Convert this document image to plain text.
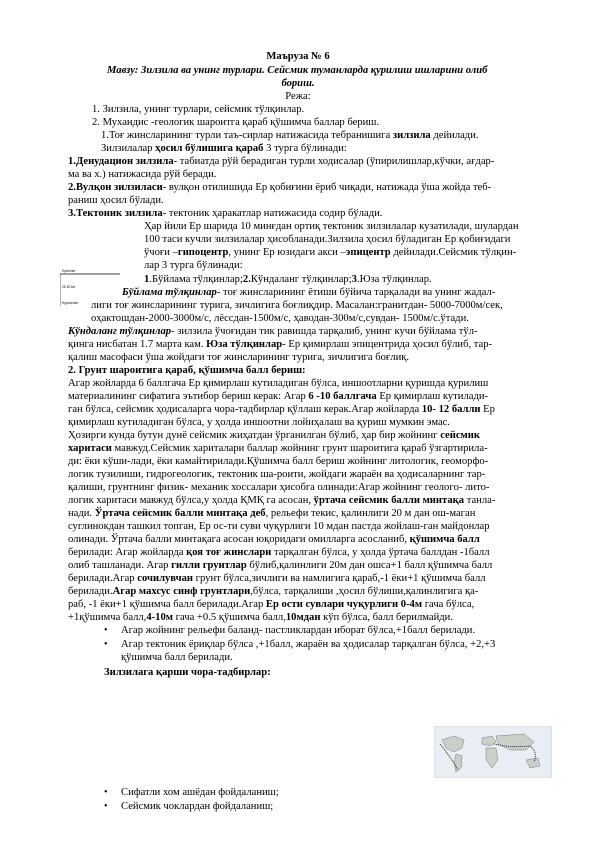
Маъруза № 6
Мавзу: Зилзила ва унинг турлари. Сейсмик туманларда қурилиш ишларини олиб
бориш.
Режа:
1. Зилзила, унинг турлари, сейсмик тўлқинлар.
2. Мухандис -геологик шароитга қараб қўшимча баллар бериш.
1.Тоғ жинсларининг турли таъ-сирлар натижасида тебранишига зилзила дейилади.
Зилзилалар ҳосил бўлишига қараб 3 турга бўлинади:
1.Денудацион зилзила- табиатда рўй берадиган турли ходисалар (ўпирилишлар,кўчки, ағдар-
ма ва х.) натижасида рўй беради.
2.Вулқон зилзиласи- вулқон отилишида Ер қобиғини ёриб чиқади, натижада ўша жойда теб-
раниш ҳосил бўлади.
3.Тектоник зилзила- тектоник ҳаракатлар натижасида содир бўлади.
Epicenter
25-30 km
Hypocenter
Ҳар йили Ер шарида 10 минғдан ортиқ тектоник зилзилалар кузатилади, шулардан
100 таси кучли зилзилалар ҳисобланади.Зилзила ҳосил бўладиган Ер қобиғидаги
ўчоғи –гипоцентр, унинг Ер юзидаги акси –эпицентр дейилади.Сейсмик тўлқин-
лар 3 турга бўлинади:
1.Бўйлама тўлқинлар;2.Кўндаланг тўлқинлар;3.Юза тўлқинлар.
Бўйлама тўлқинлар- тоғ жинсларининг ётиши бўйича тарқалади ва унинг жадал-
лиги тоғ жинсларининг турига, зичлигига боғлиқдир. Масалан:гранитдан- 5000-7000м/сек,
оҳактошдан-2000-3000м/с, лёссдан-1500м/с, ҳаводан-300м/с,сувдан- 1500м/с.ўтади.
Кўндаланг тўлқинлар- зилзила ўчоғидан тик равишда тарқалиб, унинг кучи бўйлама тўл-
қинга нисбатан 1.7 марта кам. Юза тўлқинлар- Ер қимирлаш эпицентрида ҳосил бўлиб, тар-
қалиш масофаси ўша жойдаги тоғ жинсларининг турига, зичлигига боғлиқ.
2. Грунт шароитига қараб, қўшимча балл бериш:
Агар жойларда 6 баллгача Ер қимирлаш кутиладиган бўлса, иншоотларни қуришда қурилиш
материалининг сифатига эътибор бериш керак: Агар 6 -10 баллгача Ер қимирлаш кутилади-
ган бўлса, сейсмик ҳодисаларга чора-тадбирлар қўллаш керак.Агар жойларда 10- 12 балли Ер
қимирлаш кутиладиган бўлса, у ҳолда иншоотни лойиҳалаш ва қуриш мумкин эмас.
Ҳозирги кунда бутун дунё сейсмик жиҳатдан ўрганилган бўлиб, ҳар бир жойнинг сейсмик
харитаси мавжуд.Сейсмик хариталари баллар жойнинг грунт шароитига қараб ўзгартирила-
ди: ёки кўши-лади, ёки камайтирилади.Қўшимча балл бериш жойнинг литологик, геоморфо-
логик тузилиши, гидрогеологик, тектоник ша-роити, жойдаги жараён ва ҳодисаларнинг тар-
қалиши, грунтнинг физик- механик хоссалари ҳисобга олинади:Агар жойнинг геологo- лито-
логик харитаси мавжуд бўлса,у ҳолда ҚМҚ га асосан, ўртача сейсмик балли минтақа танла-
нади. Ўртача сейсмик балли минтақа деб, рельефи текис, қалинлиги 20 м дан ош-маган
суглинокдан ташкил топган, Ер ос-ти суви чуқурлиги 10 мдан пастда жойлаш-ган майдонлар
олинади. Ўртача балли минтақага асосан юқоридаги омилларга асосланиб, қўшимча балл
берилади: Агар жойларда қоя тоғ жинслари тарқалган бўлса, у ҳолда ўртача баллдан -1балл
олиб ташланади. Агар гилли грунтлар бўлиб,қалинлиги 20м дан ошса+1 балл қўшимча балл
берилади.Агар сочилувчан грунт бўлса,зичлиги ва намлигига қараб,-1 ёки+1 қўшимча балл
берилади.Агар махсус синф грунтлари,бўлса, тарқалиши ,ҳосил бўлиши,қалинлигига қа-
раб, -1 ёки+1 қўшимча балл берилади.Агар Ер ости сувлари чуқурлиги 0-4м гача бўлса,
+1қўшимча балл,4-10м гача +0.5 қўшимча балл,10мдан кўп бўлса, балл берилмайди.
• Агар жойнинг рельефи баланд- пастликлардан иборат бўлса,+1балл берилади.
• Агар тектоник ёриқлар бўлса ,+1балл, жараён ва ҳодисалар тарқалган бўлса, +2,+3
қўшимча балл берилади.
Зилзилага қарши чора-тадбирлар:
• Сифатли хом ашёдан фойдаланиш;
• Сейсмик чоклардан фойдаланиш;
